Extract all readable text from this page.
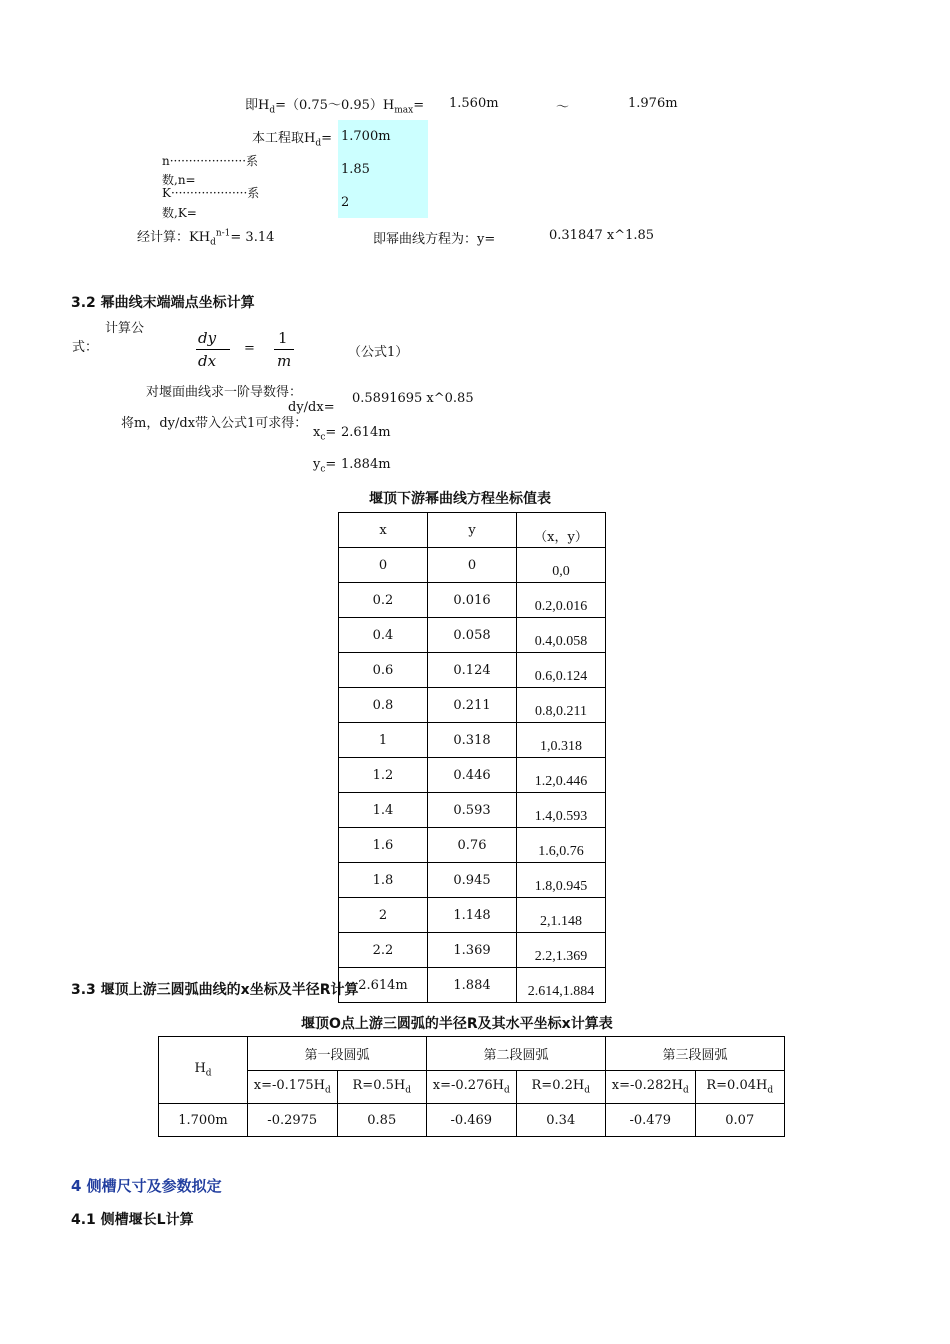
即$H_d=(0.75\sim 0.95)H_{max}= 1.560m$	～	1.976m
本工程取$H_d= 1.700m$
n····················系
数,n=
1.85
K····················系
数,K=
2
经计算：$KH_d^{n-1}= 3.14$	即幂曲线方程为：y=	0.31847 x^1.85
3.2 幂曲线末端端点坐标计算
计算公
式：
dy
dx
=
1
m	（公式1）
对堰面曲线求一阶导数得：
dy/dx=
0.5891695 x^0.85
将m，dy/dx带入公式1可求得：
$x_c= 2.614m$
$y_c= 1.884m$
堰顶下游幂曲线方程坐标值表
x	y	（x，y）
0	0	0,0
0.2	0.016	0.2,0.016
0.4	0.058	0.4,0.058
0.6	0.124	0.6,0.124
0.8	0.211	0.8,0.211
1	0.318	1,0.318
1.2	0.446	1.2,0.446
1.4	0.593	1.4,0.593
1.6	0.76	1.6,0.76
1.8	0.945	1.8,0.945
2	1.148	2,1.148
2.2	1.369	2.2,1.369
2.614m	1.884	2.614,1.884
3.3 堰顶上游三圆弧曲线的x坐标及半径R计算
堰顶O点上游三圆弧的半径R及其水平坐标x计算表
$H_d$	第一段圆弧		第二段圆弧		第三段圆弧	
	$x=-0.175H_d$	$R=0.5H_d$	$x=-0.276H_d$	$R=0.2H_d$	$x=-0.282H_d$	$R=0.04H_d$
1.700m	-0.2975	0.85	-0.469	0.34	-0.479	0.07
4 侧槽尺寸及参数拟定
4.1 侧槽堰长L计算
